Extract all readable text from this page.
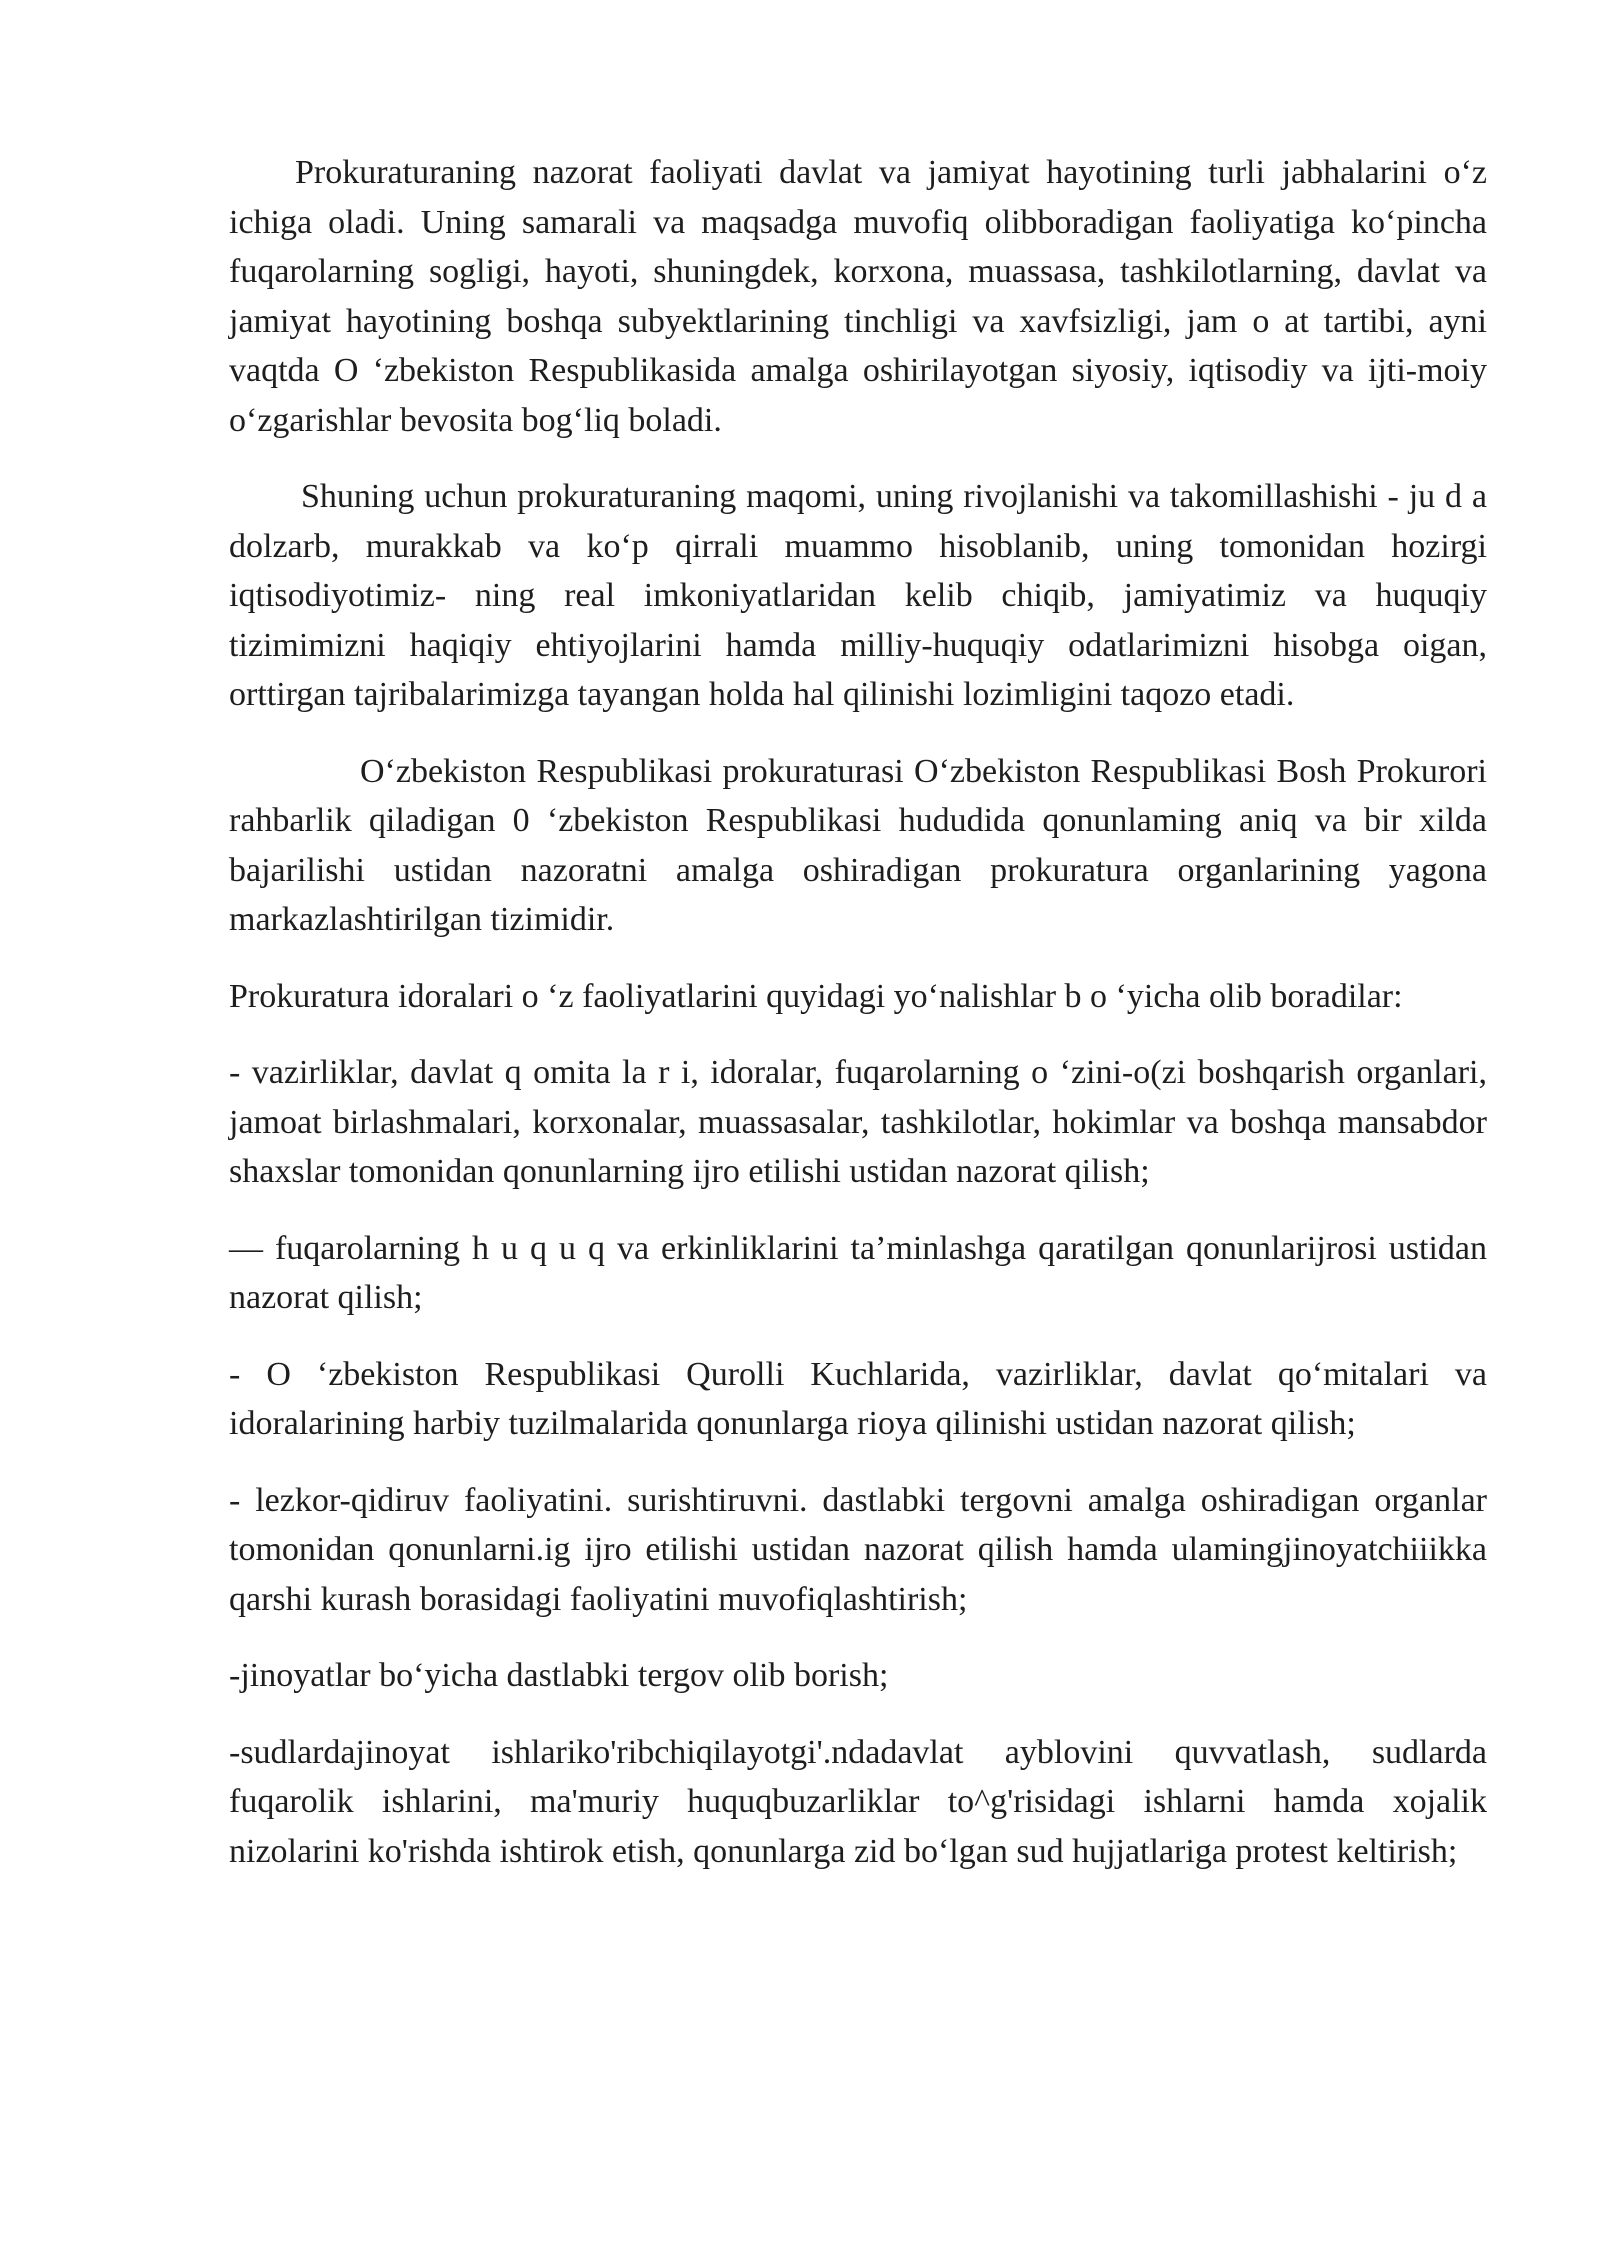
Prokuraturaning nazorat faoliyati davlat va jamiyat hayotining turli jabhalarini o‘z ichiga oladi. Uning samarali va maqsadga muvofiq olibboradigan faoliyatiga ko‘pincha fuqarolarning sogligi, hayoti, shuningdek, korxona, muassasa, tashkilotlarning, davlat va jamiyat hayotining boshqa subyektlarining tinchligi va xavfsizligi, jam o at tartibi, ayni vaqtda O ‘zbekiston Respublikasida amalga oshirilayotgan siyosiy, iqtisodiy va ijti-moiy o‘zgarishlar bevosita bog‘liq boladi.

Shuning uchun prokuraturaning maqomi, uning rivojlanishi va takomillashishi - ju d a dolzarb, murakkab va ko‘p qirrali muammo hisoblanib, uning tomonidan hozirgi iqtisodiyotimiz- ning real imkoniyatlaridan kelib chiqib, jamiyatimiz va huquqiy tizimimizni haqiqiy ehtiyojlarini hamda milliy-huquqiy odatlarimizni hisobga oigan, orttirgan tajribalarimizga tayangan holda hal qilinishi lozimligini taqozo etadi.

O‘zbekiston Respublikasi prokuraturasi O‘zbekiston Respublikasi Bosh Prokurori rahbarlik qiladigan 0 ‘zbekiston Respublikasi hududida qonunlaming aniq va bir xilda bajarilishi ustidan nazoratni amalga oshiradigan prokuratura organlarining yagona markazlashtirilgan tizimidir.

Prokuratura idoralari o ‘z faoliyatlarini quyidagi yo‘nalishlar b o ‘yicha olib boradilar:

- vazirliklar, davlat q omita la r i, idoralar, fuqarolarning o ‘zini-o(zi boshqarish organlari, jamoat birlashmalari, korxonalar, muassasalar, tashkilotlar, hokimlar va boshqa mansabdor shaxslar tomonidan qonunlarning ijro etilishi ustidan nazorat qilish;

— fuqarolarning h u q u q va erkinliklarini ta’minlashga qaratilgan qonunlarijrosi ustidan nazorat qilish;

- O ‘zbekiston Respublikasi Qurolli Kuchlarida, vazirliklar, davlat qo‘mitalari va idoralarining harbiy tuzilmalarida qonunlarga rioya qilinishi ustidan nazorat qilish;

- lezkor-qidiruv faoliyatini. surishtiruvni. dastlabki tergovni amalga oshiradigan organlar tomonidan qonunlarni.ig ijro etilishi ustidan nazorat qilish hamda ulamingjinoyatchiiikka qarshi kurash borasidagi faoliyatini muvofiqlashtirish;

-jinoyatlar bo‘yicha dastlabki tergov olib borish;

-sudlardajinoyat ishlariko'ribchiqilayotgi'.ndadavlat ayblovini quvvatlash, sudlarda fuqarolik ishlarini, ma'muriy huquqbuzarliklar to^g'risidagi ishlarni hamda xojalik nizolarini ko'rishda ishtirok etish, qonunlarga zid bo‘lgan sud hujjatlariga protest keltirish;
